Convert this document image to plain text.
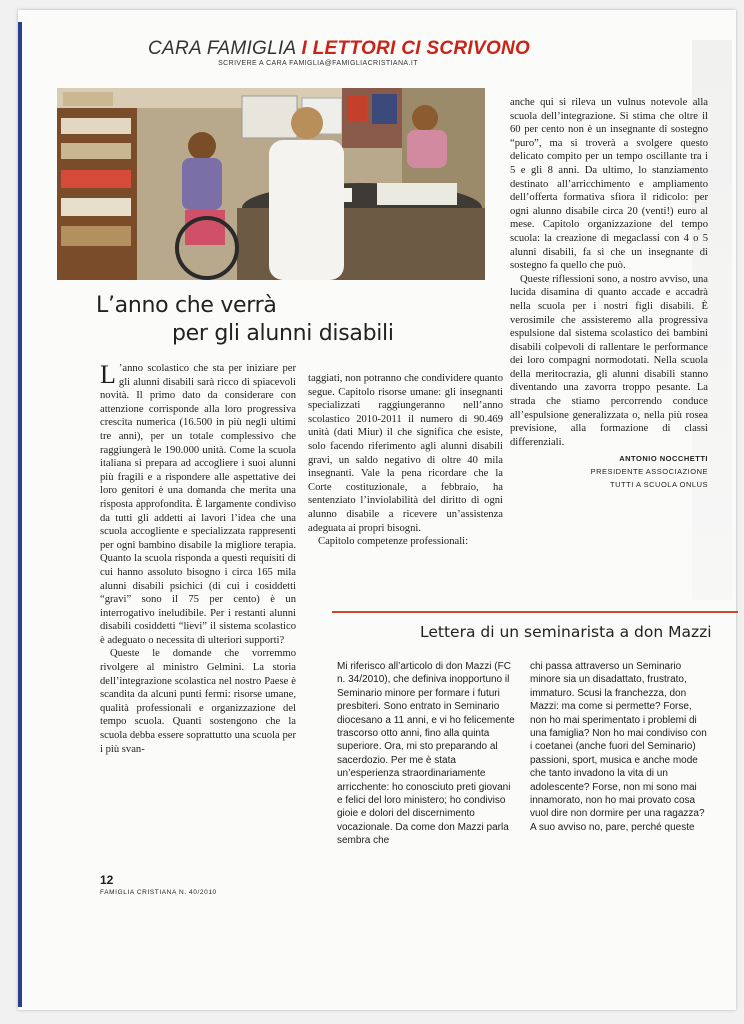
CARA FAMIGLIA I LETTORI CI SCRIVONO
SCRIVERE A CARA FAMIGLIA@FAMIGLIACRISTIANA.IT
L’anno che verrà
per gli alunni disabili

L ’anno scolastico che sta per iniziare per gli alunni disabili sarà ricco di spiacevoli novità. Il primo dato da considerare con attenzione corrisponde alla loro progressiva crescita numerica (16.500 in più negli ultimi tre anni), per un totale complessivo che raggiungerà le 190.000 unità. Come la scuola italiana si prepara ad accogliere i suoi alunni più fragili e a rispondere alle aspettative dei loro genitori è una domanda che merita una risposta approfondita. È largamente condiviso da tutti gli addetti ai lavori l’idea che una scuola accogliente e specializzata rappresenti per ogni bambino disabile la migliore terapia. Quanto la scuola risponda a questi requisiti di cui hanno assoluto bisogno i circa 165 mila alunni disabili psichici (di cui i cosiddetti “gravi” sono il 75 per cento) è un interrogativo ineludibile. Per i restanti alunni disabili cosiddetti “lievi” il sistema scolastico è adeguato o necessita di ulteriori supporti?

Queste le domande che vorremmo rivolgere al ministro Gelmini. La storia dell’integrazione scolastica nel nostro Paese è scandita da alcuni punti fermi: risorse umane, qualità professionali e organizzazione del tempo scuola. Quanti sostengono che la scuola debba essere soprattutto una scuola per i più svan-

taggiati, non potranno che condividere quanto segue. Capitolo risorse umane: gli insegnanti specializzati raggiungeranno nell’anno scolastico 2010-2011 il numero di 90.469 unità (dati Miur) il che significa che esiste, solo facendo riferimento agli alunni disabili gravi, un saldo negativo di oltre 40 mila insegnanti. Vale la pena ricordare che la Corte costituzionale, a febbraio, ha sentenziato l’inviolabilità del diritto di ogni alunno disabile a ricevere un’assistenza adeguata ai propri bisogni.

Capitolo competenze professionali:

anche qui si rileva un vulnus notevole alla scuola dell’integrazione. Si stima che oltre il 60 per cento non è un insegnante di sostegno “puro”, ma si troverà a svolgere questo delicato compito per un tempo oscillante tra i 5 e gli 8 anni. Da ultimo, lo stanziamento destinato all’arricchimento e ampliamento dell’offerta formativa sfiora il ridicolo: per ogni alunno disabile circa 20 (venti!) euro al mese. Capitolo organizzazione del tempo scuola: la creazione di megaclassi con 4 o 5 alunni disabili, fa sì che un insegnante di sostegno fa quello che può.

Queste riflessioni sono, a nostro avviso, una lucida disamina di quanto accade e accadrà nella scuola per i nostri figli disabili. È verosimile che assisteremo alla progressiva espulsione dal sistema scolastico dei bambini disabili colpevoli di rallentare le performance dei loro compagni normodotati. Nella scuola della meritocrazia, gli alunni disabili stanno diventando una zavorra troppo pesante. La strada che stiamo percorrendo conduce all’espulsione generalizzata o, nella più rosea previsione, alla formazione di classi differenziali.

ANTONIO NOCCHETTI
PRESIDENTE ASSOCIAZIONE
TUTTI A SCUOLA ONLUS
Lettera di un seminarista a don Mazzi

Mi riferisco all’articolo di don Mazzi (FC n. 34/2010), che definiva inopportuno il Seminario minore per formare i futuri presbiteri. Sono entrato in Seminario diocesano a 11 anni, e vi ho felicemente trascorso otto anni, fino alla quinta superiore. Ora, mi sto preparando al sacerdozio. Per me è stata un’esperienza straordinariamente arricchente: ho conosciuto preti giovani e felici del loro ministero; ho condiviso gioie e dolori del discernimento vocazionale. Da come don Mazzi parla sembra che

chi passa attraverso un Seminario minore sia un disadattato, frustrato, immaturo. Scusi la franchezza, don Mazzi: ma come si permette? Forse, non ho mai sperimentato i problemi di una famiglia? Non ho mai condiviso con i coetanei (anche fuori del Seminario) passioni, sport, musica e anche mode che tanto invadono la vita di un adolescente? Forse, non mi sono mai innamorato, non ho mai provato cosa vuol dire non dormire per una ragazza? A suo avviso no, pare, perché queste

12
FAMIGLIA CRISTIANA N. 40/2010
